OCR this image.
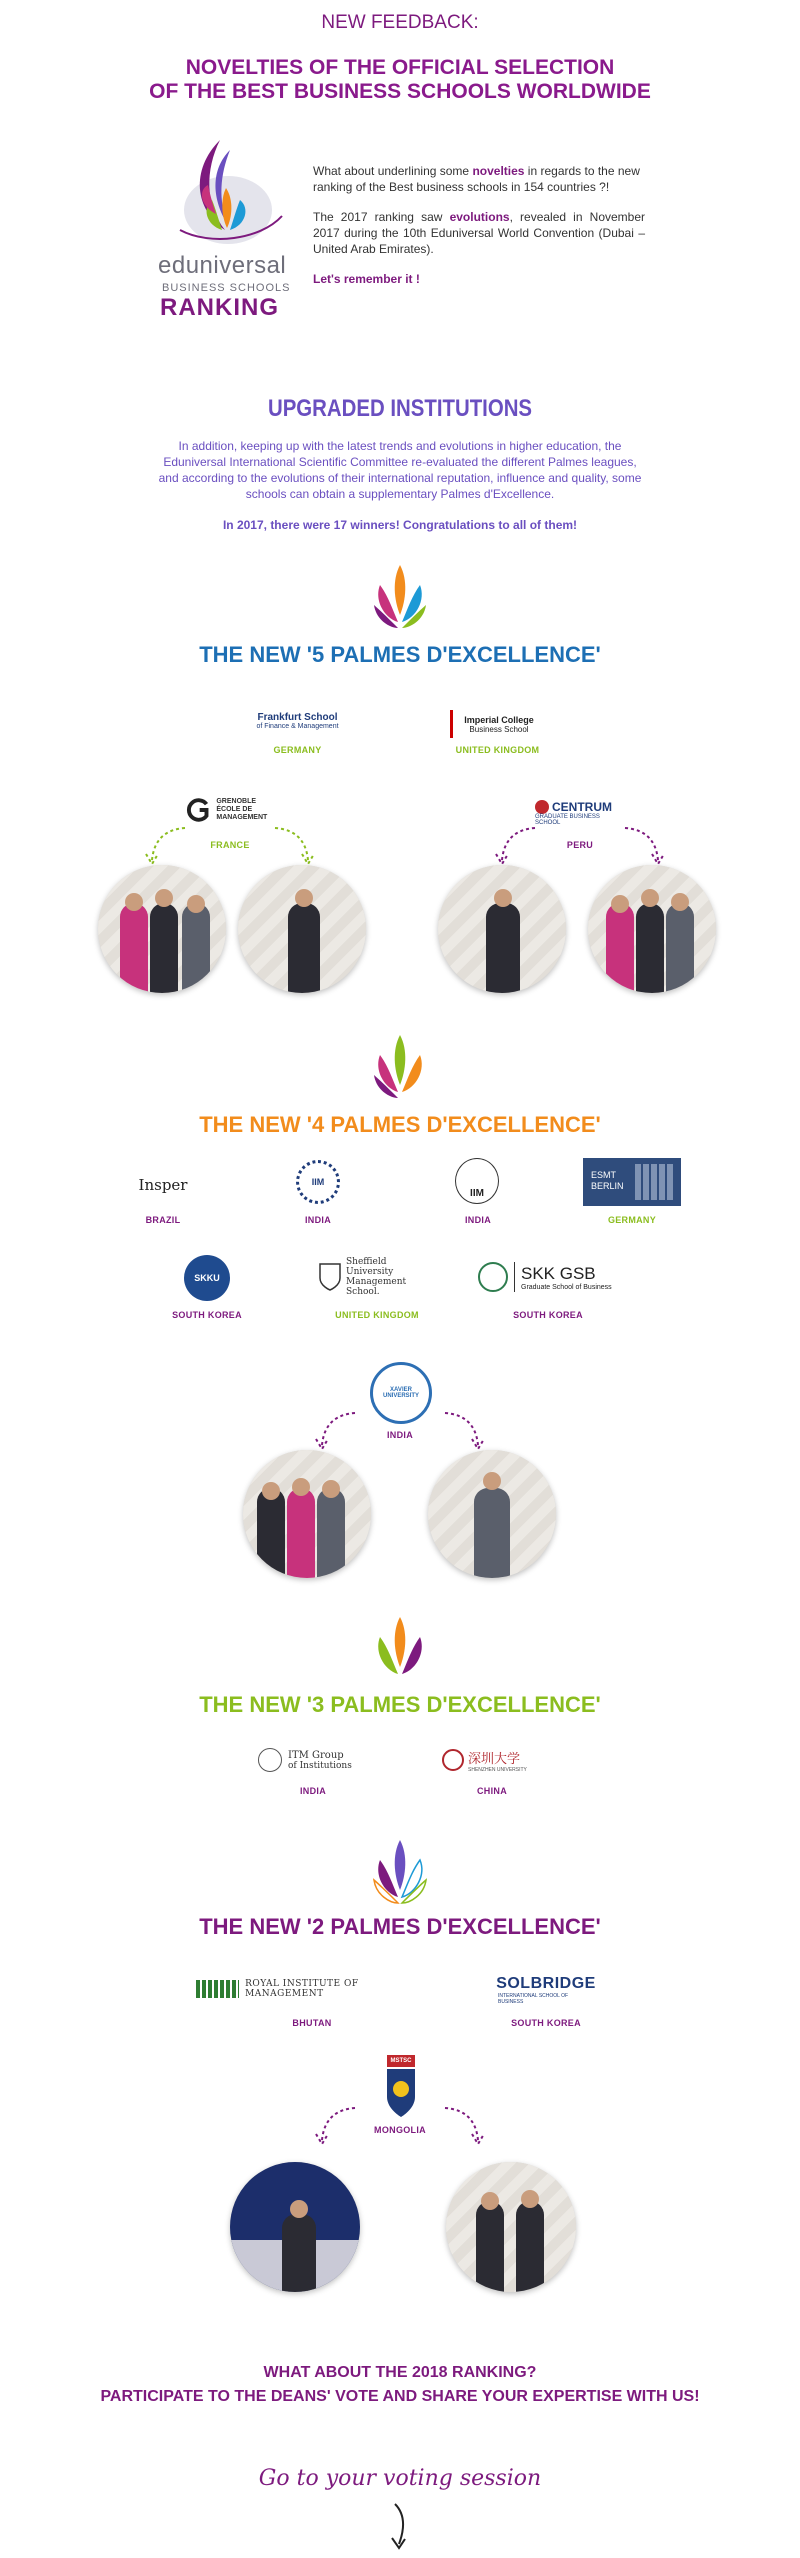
NEW FEEDBACK:
NOVELTIES OF THE OFFICIAL SELECTION
OF THE BEST BUSINESS SCHOOLS WORLDWIDE
eduniversal
BUSINESS SCHOOLS
RANKING

What about underlining some novelties in regards to the new ranking of the Best business schools in 154 countries ?!

The 2017 ranking saw evolutions, revealed in November 2017 during the 10th Eduniversal World Convention (Dubai – United Arab Emirates).

Let's remember it !

UPGRADED INSTITUTIONS
In addition, keeping up with the latest trends and evolutions in higher education, the Eduniversal International Scientific Committee re-evaluated the different Palmes leagues, and according to the evolutions of their international reputation, influence and quality, some schools can obtain a supplementary Palmes d'Excellence.
In 2017, there were 17 winners! Congratulations to all of them!
THE NEW '5 PALMES D'EXCELLENCE'
Frankfurt School
of Finance & Management
GERMANY
Imperial College
Business School
UNITED KINGDOM
GRENOBLE ÉCOLE DE MANAGEMENT
FRANCE
CENTRUM
GRADUATE BUSINESS SCHOOL
PERU
THE NEW '4 PALMES D'EXCELLENCE'
Insper
BRAZIL
IIM
INDIA
IIM
INDIA
ESMT BERLIN
GERMANY
SKKU
SOUTH KOREA
Sheffield University Management School.
UNITED KINGDOM
SKK GSB
Graduate School of Business
SOUTH KOREA
XAVIER UNIVERSITY
INDIA
THE NEW '3 PALMES D'EXCELLENCE'
ITM Group
of Institutions
INDIA
深圳大学
SHENZHEN UNIVERSITY
CHINA
THE NEW '2 PALMES D'EXCELLENCE'
ROYAL INSTITUTE OF MANAGEMENT
BHUTAN
SOLBRIDGE
INTERNATIONAL SCHOOL OF BUSINESS
SOUTH KOREA
MSTSC
MONGOLIA
WHAT ABOUT THE 2018 RANKING?
PARTICIPATE TO THE DEANS' VOTE AND SHARE YOUR EXPERTISE WITH US!
Go to your voting session
